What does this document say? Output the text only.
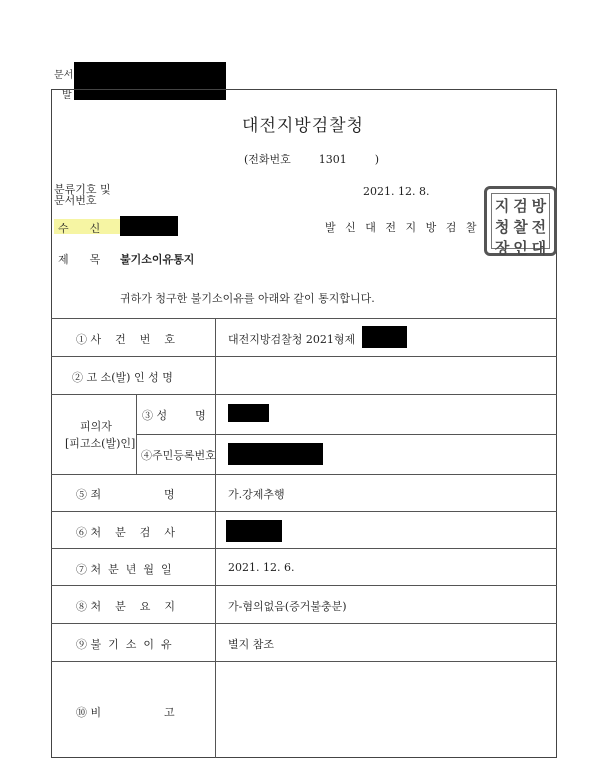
문서
발
대전지방검찰청
(전화번호        1301        )
분류기호 및
문서번호
2021. 12. 8.
수      신	발 신 대 전 지 방 검 찰
지 검 방
청 찰 전
장 인 대
제      목 불기소이유통지
귀하가 청구한 불기소이유를 아래와 같이 통지합니다.
① 사    건    번    호	대전지방검찰청 2021형제
② 고 소(발) 인 성 명
피의자
[피고소(발)인]
③ 성        명
④주민등록번호
⑤ 죄                  명	가.강제추행
⑥ 처    분    검    사
⑦ 처  분  년  월  일	2021. 12. 6.
⑧ 처    분    요    지	가-혐의없음(증거불충분)
⑨ 불  기  소  이  유	별지 참조
⑩ 비                  고
